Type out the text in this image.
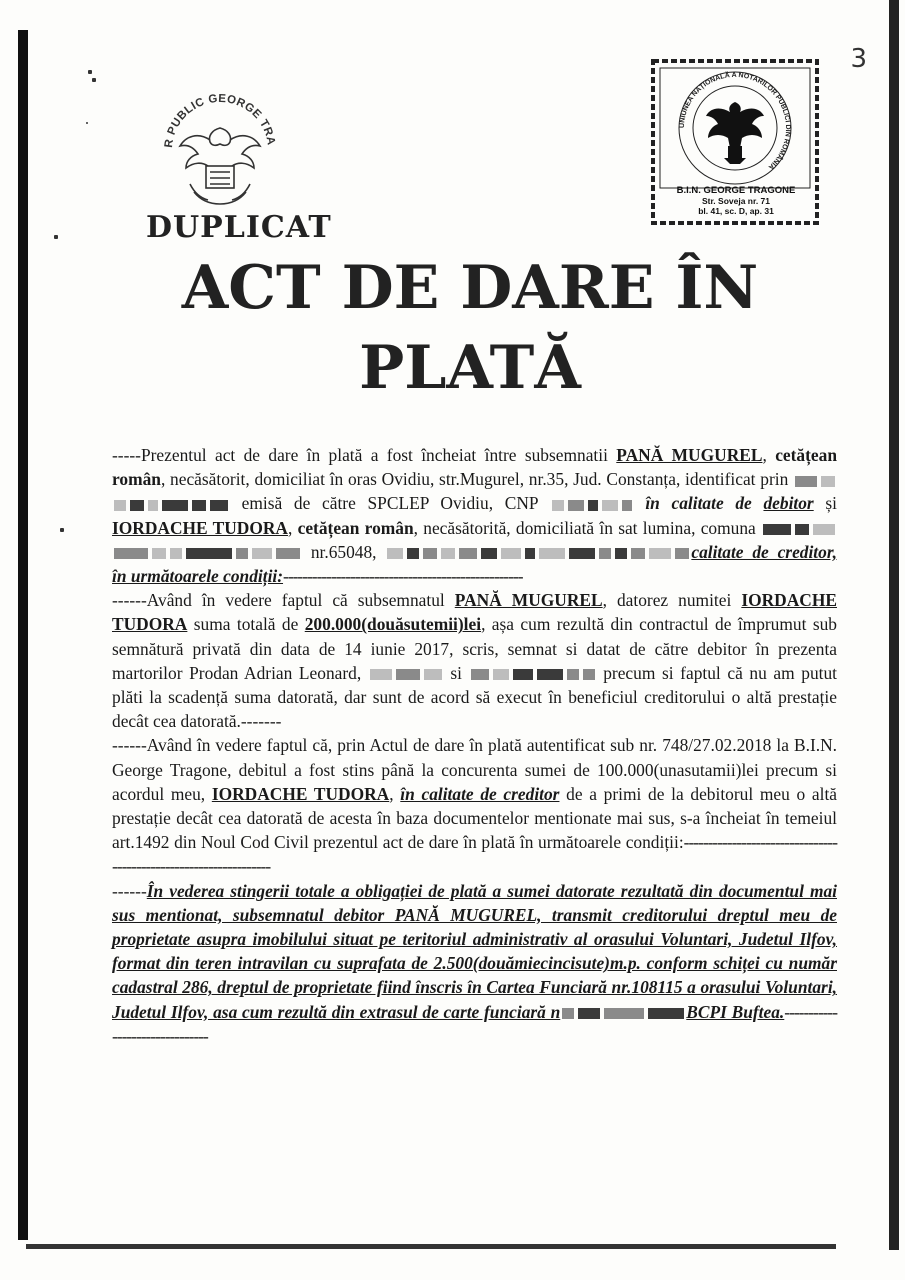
3
R PUBLIC GEORGE TRA
DUPLICAT
UNIUNEA NAȚIONALĂ A NOTARILOR PUBLICI DIN ROMÂNIA
B.I.N. GEORGE TRAGONE
Str. Soveja nr. 71
bl. 41, sc. D, ap. 31
ACT DE DARE ÎN
PLATĂ

-----Prezentul act de dare în plată a fost încheiat între subsemnatii PANĂ MUGUREL, cetățean român, necăsătorit, domiciliat în oras Ovidiu, str.Mugurel, nr.35, Jud. Constanța, identificat prin  emisă de către SPCLEP Ovidiu, CNP	în calitate de debitor și IORDACHE TUDORA, cetățean român, necăsătorită, domiciliată în sat lumina, comuna  nr.65048,	calitate de creditor, în următoarele condiții:--------------------------------------------------

------Având în vedere faptul că subsemnatul PANĂ MUGUREL, datorez numitei IORDACHE TUDORA suma totală de 200.000(douăsutemii)lei, așa cum rezultă din contractul de împrumut sub semnătură privată din data de 14 iunie 2017, scris, semnat si datat de către debitor în prezenta martorilor Prodan Adrian Leonard,	si	precum si faptul că nu am putut plăti la scadență suma datorată, dar sunt de acord să execut în beneficiul creditorului o altă prestație decât cea datorată.-------

------Având în vedere faptul că, prin Actul de dare în plată autentificat sub nr. 748/27.02.2018 la B.I.N. George Tragone, debitul a fost stins până la concurenta sumei de 100.000(unasutamii)lei precum si acordul meu, IORDACHE TUDORA, în calitate de creditor de a primi de la debitorul meu o altă prestație decât cea datorată de acesta în baza documentelor mentionate mai sus, s-a încheiat în temeiul art.1492 din Noul Cod Civil prezentul act de dare în plată în următoarele condiții:-----------------------------------------------------------------

------În vederea stingerii totale a obligației de plată a sumei datorate rezultată din documentul mai sus mentionat, subsemnatul debitor PANĂ MUGUREL, transmit creditorului dreptul meu de proprietate asupra imobilului situat pe teritoriul administrativ al orasului Voluntari, Judetul Ilfov, format din teren intravilan cu suprafata de 2.500(douămiecincisute)m.p. conform schiței cu număr cadastral 286, dreptul de proprietate fiind înscris în Cartea Funciară nr.108115 a orasului Voluntari, Judetul Ilfov, asa cum rezultă din extrasul de carte funciară n	BCPI Buftea.-------------------------------
